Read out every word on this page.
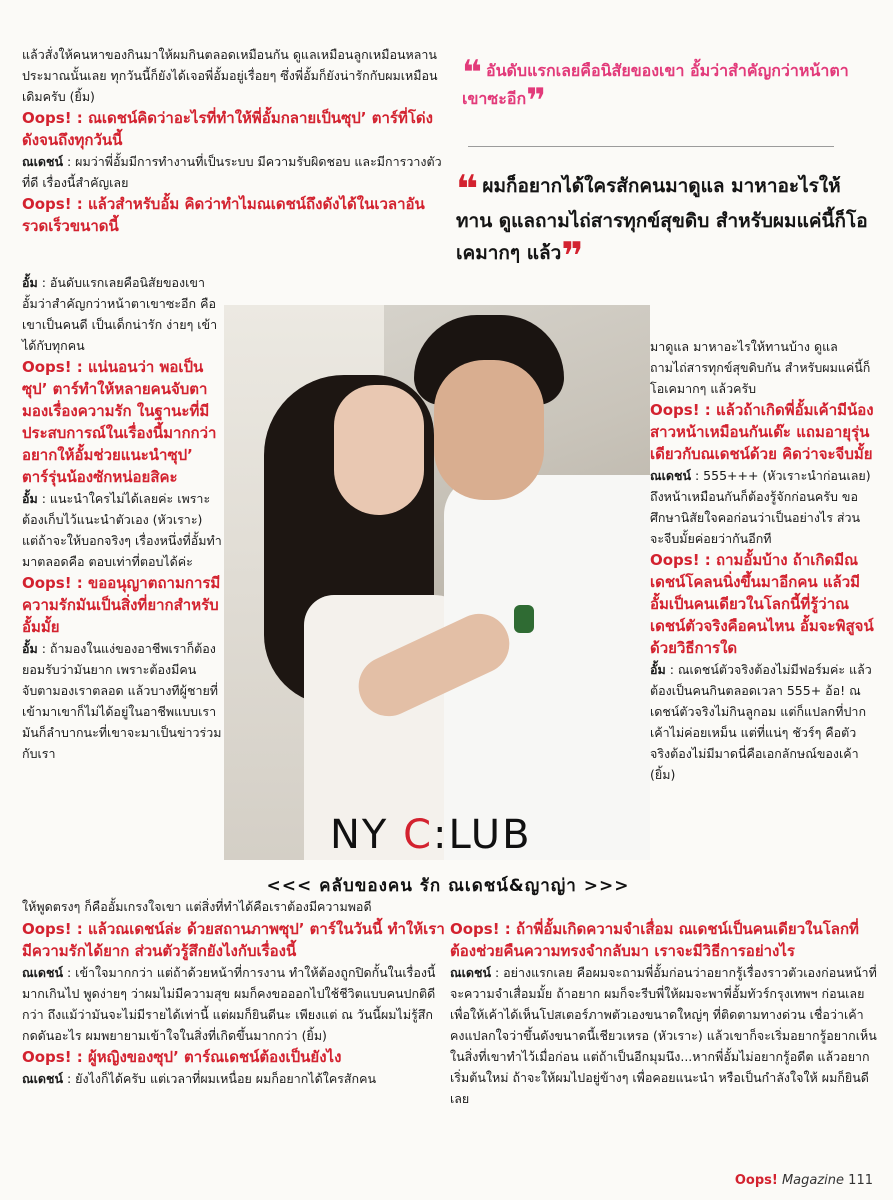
แล้วสั่งให้คนหาของกินมาให้ผมกินตลอดเหมือนกัน ดูแลเหมือนลูกเหมือนหลานประมาณนั้นเลย ทุกวันนี้ก็ยังได้เจอพี่อั้มอยู่เรื่อยๆ ซึ่งพี่อั้มก็ยังน่ารักกับผมเหมือนเดิมครับ (ยิ้ม)

Oops! : ณเดชน์คิดว่าอะไรที่ทำให้พี่อั้มกลายเป็นซุป’ ตาร์ที่โด่งดังจนถึงทุกวันนี้

ณเดชน์ : ผมว่าพี่อั้มมีการทำงานที่เป็นระบบ มีความรับผิดชอบ และมีการวางตัวที่ดี เรื่องนี้สำคัญเลย

Oops! : แล้วสำหรับอั้ม คิดว่าทำไมณเดชน์ถึงดังได้ในเวลาอันรวดเร็วขนาดนี้

อั้ม : อันดับแรกเลยคือนิสัยของเขา อั้มว่าสำคัญกว่าหน้าตาเขาซะอีก คือเขาเป็นคนดี เป็นเด็กน่ารัก ง่ายๆ เข้าได้กับทุกคน

Oops! : แน่นอนว่า พอเป็นซุป’ ตาร์ทำให้หลายคนจับตามองเรื่องความรัก ในฐานะที่มีประสบการณ์ในเรื่องนี้มากกว่า อยากให้อั้มช่วยแนะนำซุป’ ตาร์รุ่นน้องซักหน่อยสิคะ

อั้ม : แนะนำใครไม่ได้เลยค่ะ เพราะต้องเก็บไว้แนะนำตัวเอง (หัวเราะ) แต่ถ้าจะให้บอกจริงๆ เรื่องหนึ่งที่อั้มทำมาตลอดคือ ตอบเท่าที่ตอบได้ค่ะ

Oops! : ขออนุญาตถามการมีความรักมันเป็นสิ่งที่ยากสำหรับอั้มมั้ย

อั้ม : ถ้ามองในแง่ของอาชีพเราก็ต้องยอมรับว่ามันยาก เพราะต้องมีคนจับตามองเราตลอด แล้วบางทีผู้ชายที่เข้ามาเขาก็ไม่ได้อยู่ในอาชีพแบบเรา มันก็ลำบากนะที่เขาจะมาเป็นข่าวร่วมกับเรา

❝ อันดับแรกเลยคือนิสัยของเขา อั้มว่าสำคัญกว่าหน้าตาเขาซะอีก❞
❝ ผมก็อยากได้ใครสักคนมาดูแล มาหาอะไรให้ทาน ดูแลถามไถ่สารทุกข์สุขดิบ สำหรับผมแค่นี้ก็โอเคมากๆ แล้ว❞
NY C:LUB
<<< คลับของคน รัก ณเดชน์&ญาญ่า >>>

มาดูแล มาหาอะไรให้ทานบ้าง ดูแลถามไถ่สารทุกข์สุขดิบกัน สำหรับผมแค่นี้ก็โอเคมากๆ แล้วครับ

Oops! : แล้วถ้าเกิดพี่อั้มเค้ามีน้องสาวหน้าเหมือนกันเด๊ะ แถมอายุรุ่นเดียวกับณเดชน์ด้วย คิดว่าจะจีบมั้ย

ณเดชน์ : 555+++ (หัวเราะนำก่อนเลย) ถึงหน้าเหมือนกันก็ต้องรู้จักก่อนครับ ขอศึกษานิสัยใจคอก่อนว่าเป็นอย่างไร ส่วนจะจีบมั้ยค่อยว่ากันอีกที

Oops! : ถามอั้มบ้าง ถ้าเกิดมีณเดชน์โคลนนิ่งขึ้นมาอีกคน แล้วมีอั้มเป็นคนเดียวในโลกนี้ที่รู้ว่าณเดชน์ตัวจริงคือคนไหน อั้มจะพิสูจน์ด้วยวิธีการใด

อั้ม : ณเดชน์ตัวจริงต้องไม่มีฟอร์มค่ะ แล้วต้องเป็นคนกินตลอดเวลา 555+ อ้อ! ณเดชน์ตัวจริงไม่กินลูกอม แต่ก็แปลกที่ปากเค้าไม่ค่อยเหม็น แต่ที่แน่ๆ ชัวร์ๆ คือตัวจริงต้องไม่มีมาดนี่คือเอกลักษณ์ของเค้า (ยิ้ม)

ให้พูดตรงๆ ก็คืออั้มเกรงใจเขา แต่สิ่งที่ทำได้คือเราต้องมีความพอดี

Oops! : แล้วณเดชน์ล่ะ ด้วยสถานภาพซุป’ ตาร์ในวันนี้ ทำให้เรามีความรักได้ยาก ส่วนตัวรู้สึกยังไงกับเรื่องนี้

ณเดชน์ : เข้าใจมากกว่า แต่ถ้าด้วยหน้าที่การงาน ทำให้ต้องถูกปิดกั้นในเรื่องนี้มากเกินไป พูดง่ายๆ ว่าผมไม่มีความสุข ผมก็คงขอออกไปใช้ชีวิตแบบคนปกติดีกว่า ถึงแม้ว่ามันจะไม่มีรายได้เท่านี้ แต่ผมก็ยินดีนะ เพียงแต่ ณ วันนี้ผมไม่รู้สึกกดดันอะไร ผมพยายามเข้าใจในสิ่งที่เกิดขึ้นมากกว่า (ยิ้ม)

Oops! : ผู้หญิงของซุป’ ตาร์ณเดชน์ต้องเป็นยังไง

ณเดชน์ : ยังไงก็ได้ครับ แต่เวลาที่ผมเหนื่อย ผมก็อยากได้ใครสักคน

Oops! : ถ้าพี่อั้มเกิดความจำเสื่อม ณเดชน์เป็นคนเดียวในโลกที่ต้องช่วยคืนความทรงจำกลับมา เราจะมีวิธีการอย่างไร

ณเดชน์ : อย่างแรกเลย คือผมจะถามพี่อั้มก่อนว่าอยากรู้เรื่องราวตัวเองก่อนหน้าที่จะความจำเสื่อมมั้ย ถ้าอยาก ผมก็จะรีบพี่ให้ผมจะพาพี่อั้มทัวร์กรุงเทพฯ ก่อนเลย เพื่อให้เค้าได้เห็นโปสเตอร์ภาพตัวเองขนาดใหญ่ๆ ที่ติดตามทางด่วน เชื่อว่าเค้าคงแปลกใจว่าขึ้นดังขนาดนี้เชียวเหรอ (หัวเราะ) แล้วเขาก็จะเริ่มอยากรู้อยากเห็นในสิ่งที่เขาทำไว้เมื่อก่อน แต่ถ้าเป็นอีกมุมนึง...หากพี่อั้มไม่อยากรู้อดีต แล้วอยากเริ่มต้นใหม่ ถ้าจะให้ผมไปอยู่ข้างๆ เพื่อคอยแนะนำ หรือเป็นกำลังใจให้ ผมก็ยินดีเลย

Oops! Magazine 111
